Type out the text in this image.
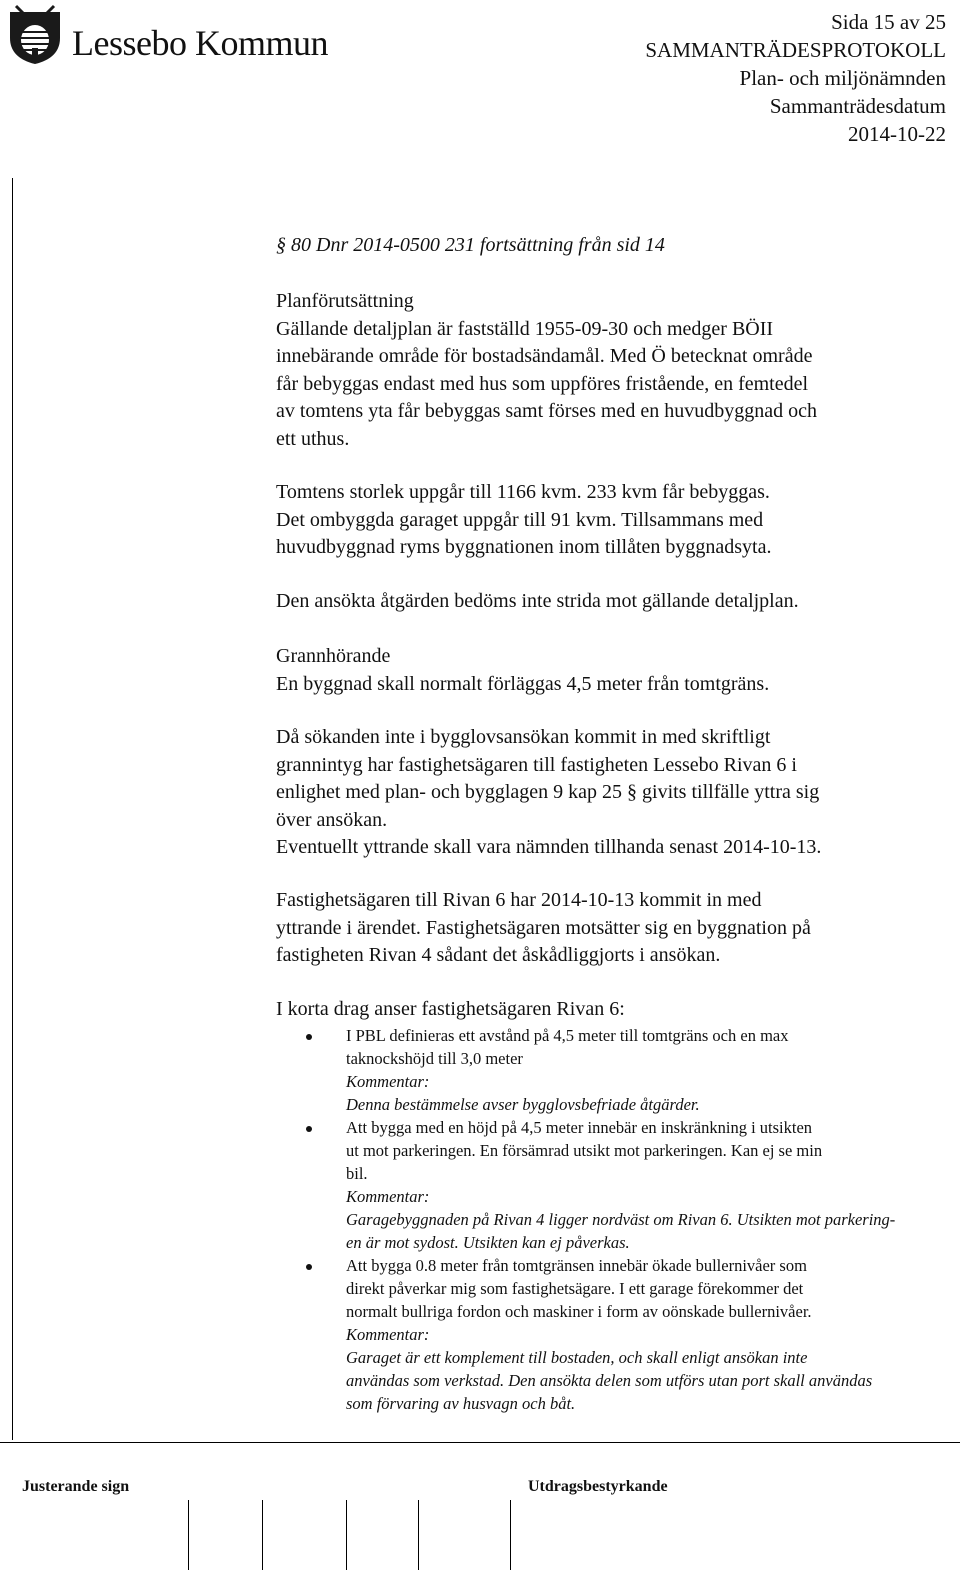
Lessebo Kommun
Sida 15 av 25
SAMMANTRÄDESPROTOKOLL
Plan- och miljönämnden
Sammanträdesdatum
2014-10-22
§ 80 Dnr 2014-0500 231 fortsättning från sid 14

Planförutsättning

Gällande detaljplan är fastställd 1955-09-30 och medger BÖII

innebärande område för bostadsändamål. Med Ö betecknat område

får bebyggas endast med hus som uppföres fristående, en femtedel

av tomtens yta får bebyggas samt förses med en huvudbyggnad och

ett uthus.

Tomtens storlek uppgår till 1166 kvm. 233 kvm får bebyggas.

Det ombyggda garaget uppgår till 91 kvm. Tillsammans med

huvudbyggnad ryms byggnationen inom tillåten byggnadsyta.

Den ansökta åtgärden bedöms inte strida mot gällande detaljplan.

Grannhörande

En byggnad skall normalt förläggas 4,5 meter från tomtgräns.

Då sökanden inte i bygglovsansökan kommit in med skriftligt

grannintyg har fastighetsägaren till fastigheten Lessebo Rivan 6 i

enlighet med plan- och bygglagen 9 kap 25 § givits tillfälle yttra sig

över ansökan.

Eventuellt yttrande skall vara nämnden tillhanda senast 2014-10-13.

Fastighetsägaren till Rivan 6 har 2014-10-13 kommit in med

yttrande i ärendet. Fastighetsägaren motsätter sig en byggnation på

fastigheten Rivan 4 sådant det åskådliggjorts i ansökan.

I korta drag anser fastighetsägaren Rivan 6:

I PBL definieras ett avstånd på 4,5 meter till tomtgräns och en max
taknockshöjd till 3,0 meter
Kommentar:
Denna bestämmelse avser bygglovsbefriade åtgärder.
Att bygga med en höjd på 4,5 meter innebär en inskränkning i utsikten
ut mot parkeringen. En försämrad utsikt mot parkeringen. Kan ej se min
bil.
Kommentar:
Garagebyggnaden på Rivan 4 ligger nordväst om Rivan 6. Utsikten mot parkering-
en är mot sydost. Utsikten kan ej påverkas.
Att bygga 0.8 meter från tomtgränsen innebär ökade bullernivåer som
direkt påverkar mig som fastighetsägare. I ett garage förekommer det
normalt bullriga fordon och maskiner i form av oönskade bullernivåer.
Kommentar:
Garaget är ett komplement till bostaden, och skall enligt ansökan inte
användas som verkstad. Den ansökta delen som utförs utan port skall användas
som förvaring av husvagn och båt.
Justerande sign	Utdragsbestyrkande
